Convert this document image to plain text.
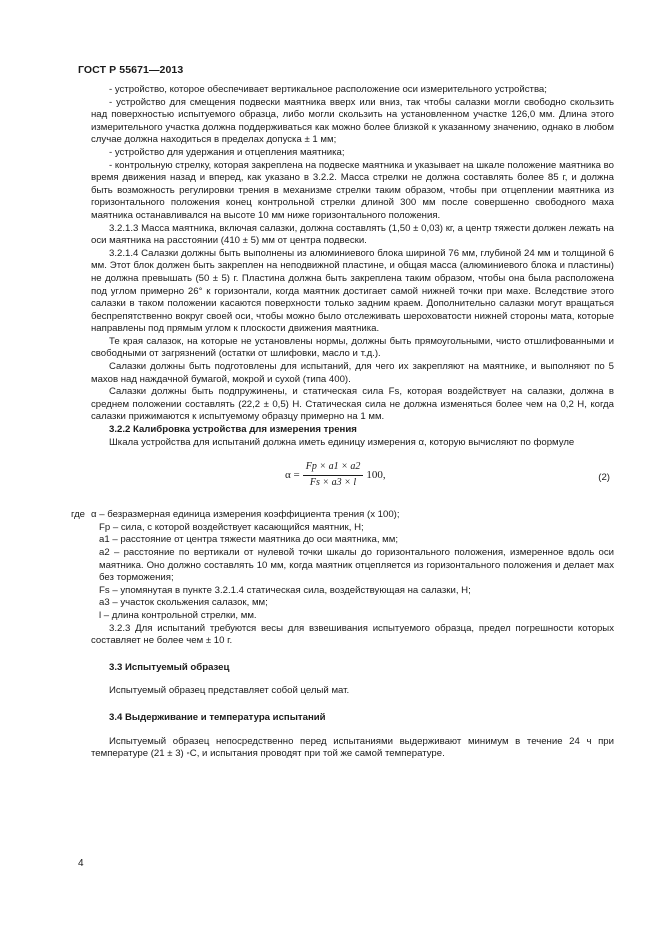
ГОСТ Р 55671—2013

- устройство, которое обеспечивает вертикальное расположение оси измерительного устройства;

- устройство для смещения подвески маятника вверх или вниз, так чтобы салазки могли свободно скользить над поверхностью испытуемого образца, либо могли скользить на установленном участке 126,0 мм. Длина этого измерительного участка должна поддерживаться как можно более близкой к указанному значению, однако в любом случае должна находиться в пределах допуска ± 1 мм;

- устройство для удержания и отцепления маятника;

- контрольную стрелку, которая закреплена на подвеске маятника и указывает на шкале положение маятника во время движения назад и вперед, как указано в 3.2.2. Масса стрелки не должна составлять более 85 г, и должна быть возможность регулировки трения в механизме стрелки таким образом, чтобы при отцеплении маятника из горизонтального положения конец контрольной стрелки длиной 300 мм после совершенно свободного маха маятника останавливался на высоте 10 мм ниже горизонтального положения.

3.2.1.3 Масса маятника, включая салазки, должна составлять (1,50 ± 0,03) кг, а центр тяжести должен лежать на оси маятника на расстоянии (410 ± 5) мм от центра подвески.

3.2.1.4 Салазки должны быть выполнены из алюминиевого блока шириной 76 мм, глубиной 24 мм и толщиной 6 мм. Этот блок должен быть закреплен на неподвижной пластине, и общая масса (алюминиевого блока и пластины) не должна превышать (50 ± 5) г. Пластина должна быть закреплена таким образом, чтобы она была расположена под углом примерно 26° к горизонтали, когда маятник достигает самой нижней точки при махе. Вследствие этого салазки в таком положении касаются поверхности только задним краем. Дополнительно салазки могут вращаться беспрепятственно вокруг своей оси, чтобы можно было отслеживать шероховатости нижней стороны мата, которые направлены под прямым углом к плоскости движения маятника.

Те края салазок, на которые не установлены нормы, должны быть прямоугольными, чисто отшлифованными и свободными от загрязнений (остатки от шлифовки, масло и т.д.).

Салазки должны быть подготовлены для испытаний, для чего их закрепляют на маятнике, и выполняют по 5 махов над наждачной бумагой, мокрой и сухой (типа 400).

Салазки должны быть подпружинены, и статическая сила Fs, которая воздействует на салазки, должна в среднем положении составлять (22,2 ± 0,5) Н. Статическая сила не должна изменяться более чем на 0,2 Н, когда салазки прижимаются к испытуемому образцу примерно на 1 мм.

3.2.2 Калибровка устройства для измерения трения

Шкала устройства для испытаний должна иметь единицу измерения α, которую вычисляют по формуле

$\alpha = \frac{Fp \times a1 \times a2}{Fs \times a3 \times l} 100$,	(2)
где α – безразмерная единица измерения коэффициента трения (х 100);

Fp – сила, с которой воздействует касающийся маятник, Н;

a1 – расстояние от центра тяжести маятника до оси маятника, мм;

a2 – расстояние по вертикали от нулевой точки шкалы до горизонтального положения, измеренное вдоль оси маятника. Оно должно составлять 10 мм, когда маятник отцепляется из горизонтального положения и делает мах без торможения;

Fs – упомянутая в пункте 3.2.1.4 статическая сила, воздействующая на салазки, Н;

a3 – участок скольжения салазок, мм;

l – длина контрольной стрелки, мм.

3.2.3 Для испытаний требуются весы для взвешивания испытуемого образца, предел погрешности которых составляет не более чем ± 10 г.

3.3 Испытуемый образец

Испытуемый образец представляет собой целый мат.

3.4 Выдерживание и температура испытаний

Испытуемый образец непосредственно перед испытаниями выдерживают минимум в течение 24 ч при температуре (21 ± 3) ◦С, и испытания проводят при той же самой температуре.

4
